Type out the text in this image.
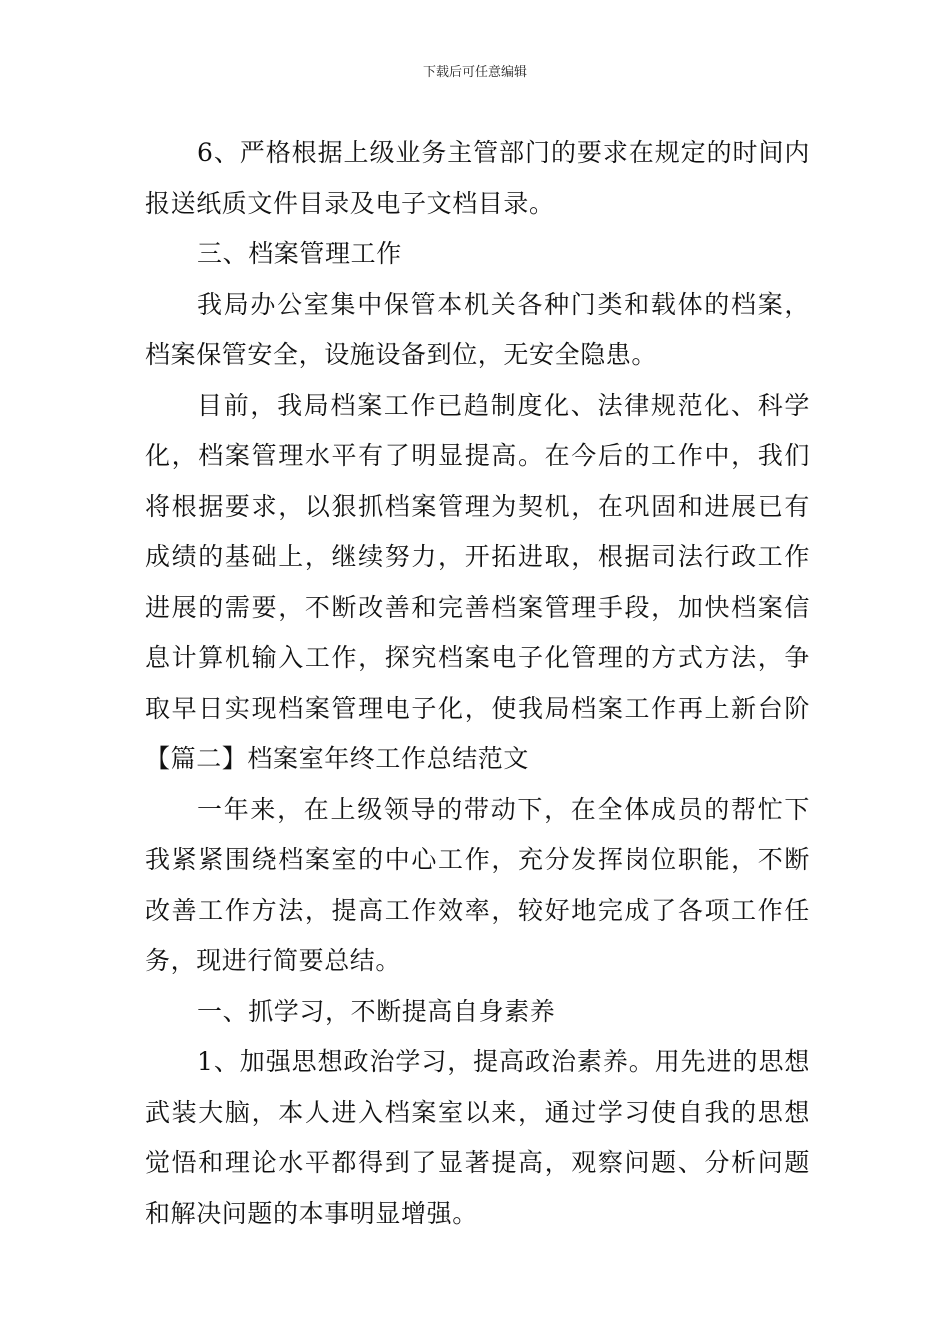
下载后可任意编辑

6、严格根据上级业务主管部门的要求在规定的时间内
报送纸质文件目录及电子文档目录。

三、档案管理工作

我局办公室集中保管本机关各种门类和载体的档案，
档案保管安全，设施设备到位，无安全隐患。

目前，我局档案工作已趋制度化、法律规范化、科学
化，档案管理水平有了明显提高。在今后的工作中，我们
将根据要求，以狠抓档案管理为契机，在巩固和进展已有
成绩的基础上，继续努力，开拓进取，根据司法行政工作
进展的需要，不断改善和完善档案管理手段，加快档案信
息计算机输入工作，探究档案电子化管理的方式方法，争
取早日实现档案管理电子化，使我局档案工作再上新台阶

【篇二】档案室年终工作总结范文

一年来，在上级领导的带动下，在全体成员的帮忙下
我紧紧围绕档案室的中心工作，充分发挥岗位职能，不断
改善工作方法，提高工作效率，较好地完成了各项工作任
务，现进行简要总结。

一、抓学习，不断提高自身素养

1、加强思想政治学习，提高政治素养。用先进的思想
武装大脑，本人进入档案室以来，通过学习使自我的思想
觉悟和理论水平都得到了显著提高，观察问题、分析问题
和解决问题的本事明显增强。
